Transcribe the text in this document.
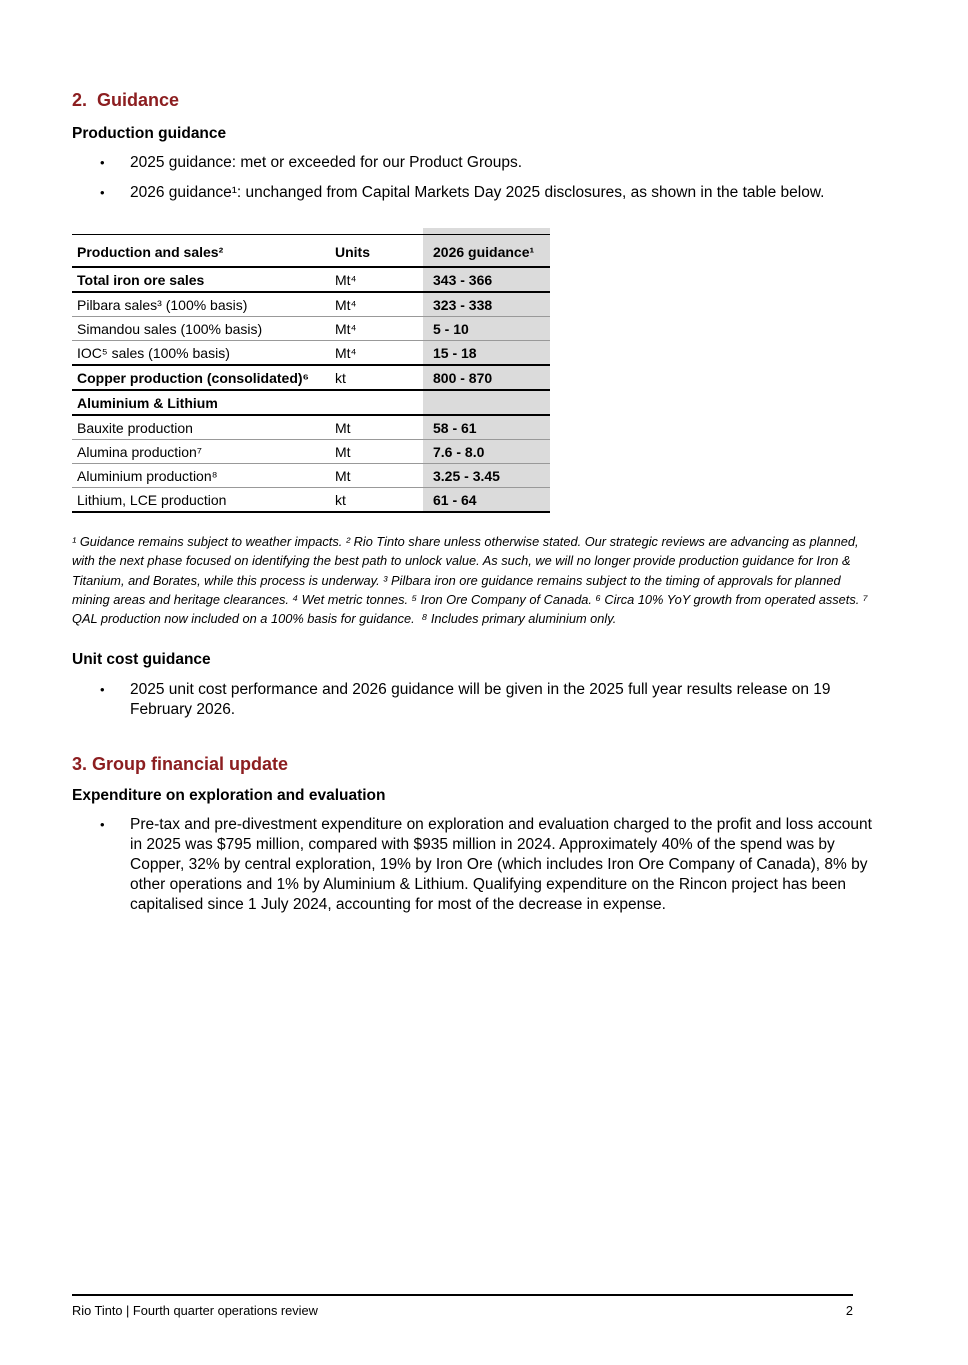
2. Guidance
Production guidance
•	2025 guidance: met or exceeded for our Product Groups.
•	2026 guidance¹: unchanged from Capital Markets Day 2025 disclosures, as shown in the table below.
Production and sales²	Units	2026 guidance¹
Total iron ore sales	Mt⁴	343 - 366
Pilbara sales³ (100% basis)	Mt⁴	323 - 338
Simandou sales (100% basis)	Mt⁴	5 - 10
IOC⁵ sales (100% basis)	Mt⁴	15 - 18
Copper production (consolidated)⁶	kt	800 - 870
Aluminium & Lithium		
Bauxite production	Mt	58 - 61
Alumina production⁷	Mt	7.6 - 8.0
Aluminium production⁸	Mt	3.25 - 3.45
Lithium, LCE production	kt	61 - 64

¹ Guidance remains subject to weather impacts. ² Rio Tinto share unless otherwise stated. Our strategic reviews are advancing as planned, with the next phase focused on identifying the best path to unlock value. As such, we will no longer provide production guidance for Iron & Titanium, and Borates, while this process is underway. ³ Pilbara iron ore guidance remains subject to the timing of approvals for planned mining areas and heritage clearances. ⁴ Wet metric tonnes. ⁵ Iron Ore Company of Canada. ⁶ Circa 10% YoY growth from operated assets. ⁷ QAL production now included on a 100% basis for guidance.  ⁸ Includes primary aluminium only.

Unit cost guidance
•	2025 unit cost performance and 2026 guidance will be given in the 2025 full year results release on 19 February 2026.
3. Group financial update
Expenditure on exploration and evaluation
•	Pre-tax and pre-divestment expenditure on exploration and evaluation charged to the profit and loss account in 2025 was $795 million, compared with $935 million in 2024. Approximately 40% of the spend was by Copper, 32% by central exploration, 19% by Iron Ore (which includes Iron Ore Company of Canada), 8% by other operations and 1% by Aluminium & Lithium. Qualifying expenditure on the Rincon project has been capitalised since 1 July 2024, accounting for most of the decrease in expense.
Rio Tinto | Fourth quarter operations review	2
